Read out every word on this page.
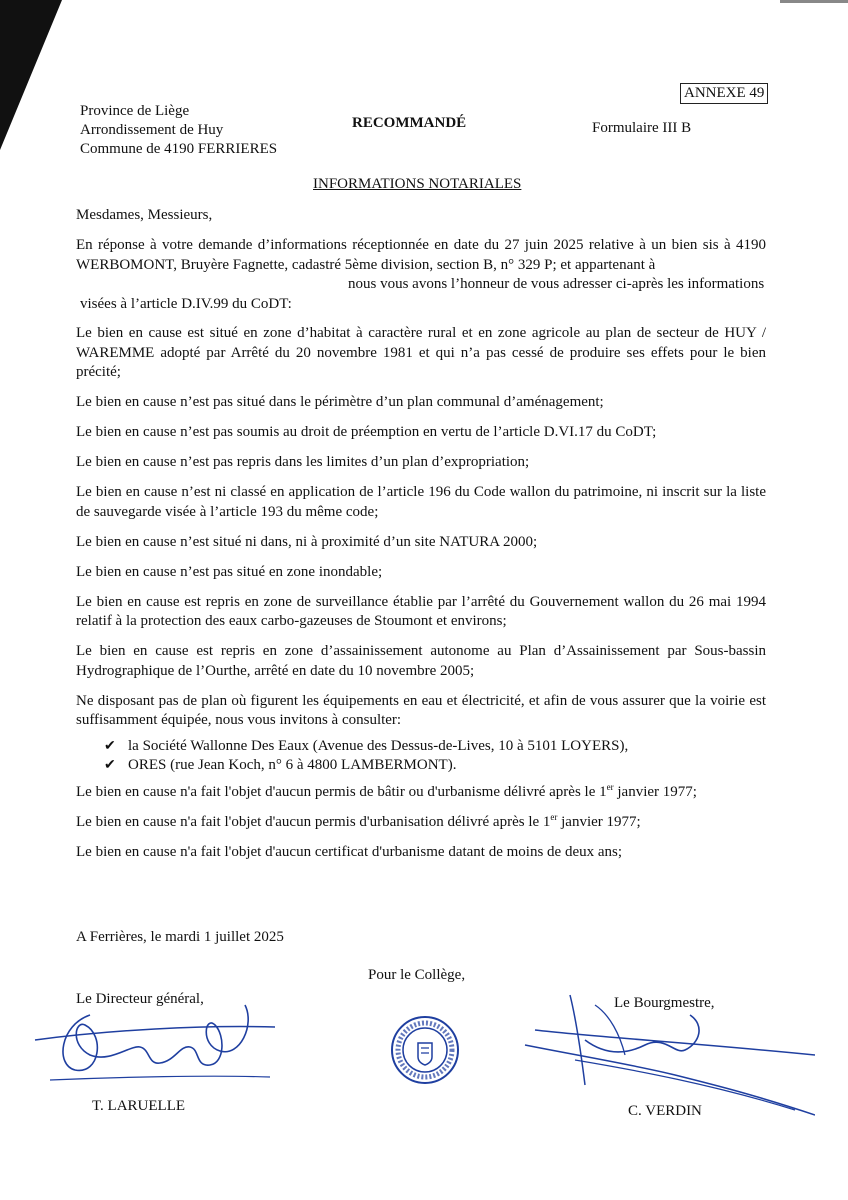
ANNEXE 49
Province de Liège
Arrondissement de Huy
Commune de 4190 FERRIERES
RECOMMANDÉ	Formulaire III B
INFORMATIONS NOTARIALES

Mesdames, Messieurs,

En réponse à votre demande d’informations réceptionnée en date du 27 juin 2025 relative à un bien sis à 4190 WERBOMONT, Bruyère Fagnette, cadastré 5ème division, section B, n° 329 P; et appartenant à

nous vous avons l’honneur de vous adresser ci-après les informations

visées à l’article D.IV.99 du CoDT:

Le bien en cause est situé en zone d’habitat à caractère rural et en zone agricole au plan de secteur de HUY / WAREMME adopté par Arrêté du 20 novembre 1981 et qui n’a pas cessé de produire ses effets pour le bien précité;

Le bien en cause n’est pas situé dans le périmètre d’un plan communal d’aménagement;

Le bien en cause n’est pas soumis au droit de préemption en vertu de l’article D.VI.17 du CoDT;

Le bien en cause n’est pas repris dans les limites d’un plan d’expropriation;

Le bien en cause n’est ni classé en application de l’article 196 du Code wallon du patrimoine, ni inscrit sur la liste de sauvegarde visée à l’article 193 du même code;

Le bien en cause n’est situé ni dans, ni à proximité d’un site NATURA 2000;

Le bien en cause n’est pas situé en zone inondable;

Le bien en cause est repris en zone de surveillance établie par l’arrêté du Gouvernement wallon du 26 mai 1994 relatif à la protection des eaux carbo-gazeuses de Stoumont et environs;

Le bien en cause est repris en zone d’assainissement autonome au Plan d’Assainissement par Sous-bassin Hydrographique de l’Ourthe, arrêté en date du 10 novembre 2005;

Ne disposant pas de plan où figurent les équipements en eau et électricité, et afin de vous assurer que la voirie est suffisamment équipée, nous vous invitons à consulter:

✔ la Société Wallonne Des Eaux (Avenue des Dessus-de-Lives, 10 à 5101 LOYERS),
✔ ORES (rue Jean Koch, n° 6 à 4800 LAMBERMONT).

Le bien en cause n'a fait l'objet d'aucun permis de bâtir ou d'urbanisme délivré après le 1er janvier 1977;

Le bien en cause n'a fait l'objet d'aucun permis d'urbanisation délivré après le 1er janvier 1977;

Le bien en cause n'a fait l'objet d'aucun certificat d'urbanisme datant de moins de deux ans;

A Ferrières, le mardi 1 juillet 2025
Pour le Collège,
Le Directeur général,	Le Bourgmestre,
T. LARUELLE	C. VERDIN
